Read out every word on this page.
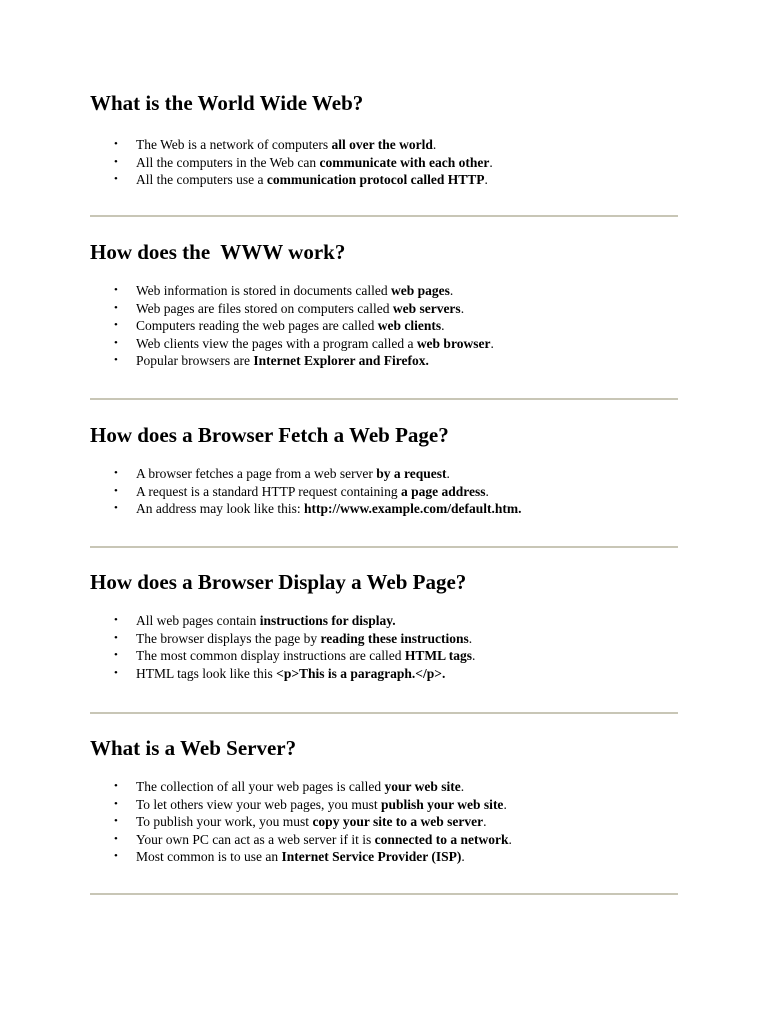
What is the World Wide Web?
• The Web is a network of computers all over the world.
• All the computers in the Web can communicate with each other.
• All the computers use a communication protocol called HTTP.
How does the  WWW work?
• Web information is stored in documents called web pages.
• Web pages are files stored on computers called web servers.
• Computers reading the web pages are called web clients.
• Web clients view the pages with a program called a web browser.
• Popular browsers are Internet Explorer and Firefox.
How does a Browser Fetch a Web Page?
• A browser fetches a page from a web server by a request.
• A request is a standard HTTP request containing a page address.
• An address may look like this: http://www.example.com/default.htm.
How does a Browser Display a Web Page?
• All web pages contain instructions for display.
• The browser displays the page by reading these instructions.
• The most common display instructions are called HTML tags.
• HTML tags look like this <p>This is a paragraph.</p>.
What is a Web Server?
• The collection of all your web pages is called your web site.
• To let others view your web pages, you must publish your web site.
• To publish your work, you must copy your site to a web server.
• Your own PC can act as a web server if it is connected to a network.
• Most common is to use an Internet Service Provider (ISP).
